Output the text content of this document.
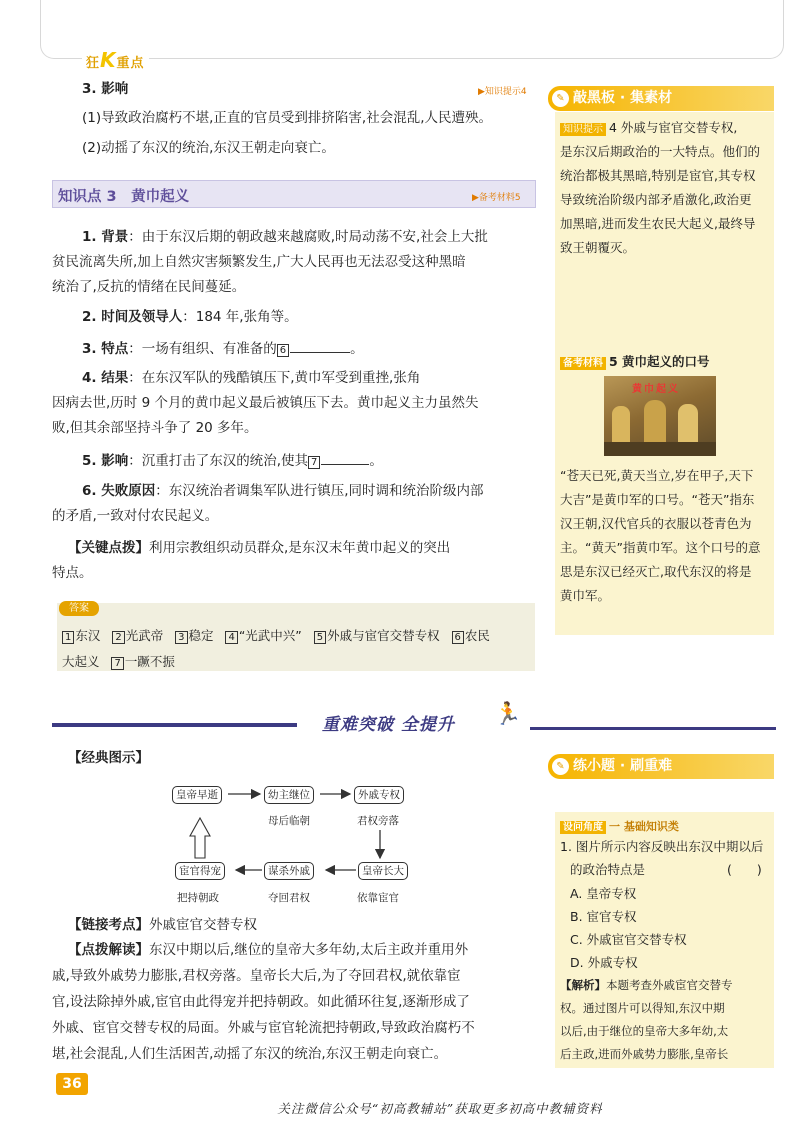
狂K重点
3. 影响	▶知识提示4
(1)导致政治腐朽不堪,正直的官员受到排挤陷害,社会混乱,人民遭殃。
(2)动摇了东汉的统治,东汉王朝走向衰亡。
知识点 3　黄巾起义	▶备考材料5
1. 背景：由于东汉后期的朝政越来越腐败,时局动荡不安,社会上大批
贫民流离失所,加上自然灾害频繁发生,广大人民再也无法忍受这种黑暗
统治了,反抗的情绪在民间蔓延。
2. 时间及领导人：184 年,张角等。
3. 特点：一场有组织、有准备的 6	。
4. 结果：在东汉军队的残酷镇压下,黄巾军受到重挫,张角
因病去世,历时 9 个月的黄巾起义最后被镇压下去。黄巾起义主力虽然失
败,但其余部坚持斗争了 20 多年。
5. 影响：沉重打击了东汉的统治,使其 7	。
6. 失败原因：东汉统治者调集军队进行镇压,同时调和统治阶级内部
的矛盾,一致对付农民起义。
【关键点拨】利用宗教组织动员群众,是东汉末年黄巾起义的突出
特点。
答案
1 东汉 2 光武帝 3 稳定 4 “光武中兴” 5 外戚与宦官交替专权 6 农民
大起义 7 一蹶不振
✎ 敲黑板 · 集素材
知识提示 4 外戚与宦官交替专权,
是东汉后期政治的一大特点。他们的
统治都极其黑暗,特别是宦官,其专权
导致统治阶级内部矛盾激化,政治更
加黑暗,进而发生农民大起义,最终导
致王朝覆灭。
备考材料 5 黄巾起义的口号
黄巾起义
“苍天已死,黄天当立,岁在甲子,天下
大吉”是黄巾军的口号。“苍天”指东
汉王朝,汉代官兵的衣服以苍青色为
主。“黄天”指黄巾军。这个口号的意
思是东汉已经灭亡,取代东汉的将是
黄巾军。
重难突破 全提升 🏃
【经典图示】
皇帝早逝	幼主继位	外戚专权
母后临朝	君权旁落
皇帝长大
谋杀外戚
宦官得宠
依靠宦官
夺回君权
把持朝政
【链接考点】外戚宦官交替专权
【点拨解读】东汉中期以后,继位的皇帝大多年幼,太后主政并重用外
戚,导致外戚势力膨胀,君权旁落。皇帝长大后,为了夺回君权,就依靠宦
官,设法除掉外戚,宦官由此得宠并把持朝政。如此循环往复,逐渐形成了
外戚、宦官交替专权的局面。外戚与宦官轮流把持朝政,导致政治腐朽不
堪,社会混乱,人们生活困苦,动摇了东汉的统治,东汉王朝走向衰亡。
✎ 练小题 · 刷重难
设问角度 一 基础知识类
1. 图片所示内容反映出东汉中期以后
的政治特点是	(　　)
A. 皇帝专权
B. 宦官专权
C. 外戚宦官交替专权
D. 外戚专权
【解析】本题考查外戚宦官交替专
权。通过图片可以得知,东汉中期
以后,由于继位的皇帝大多年幼,太
后主政,进而外戚势力膨胀,皇帝长
36
关注微信公众号“初高教辅站”获取更多初高中教辅资料
